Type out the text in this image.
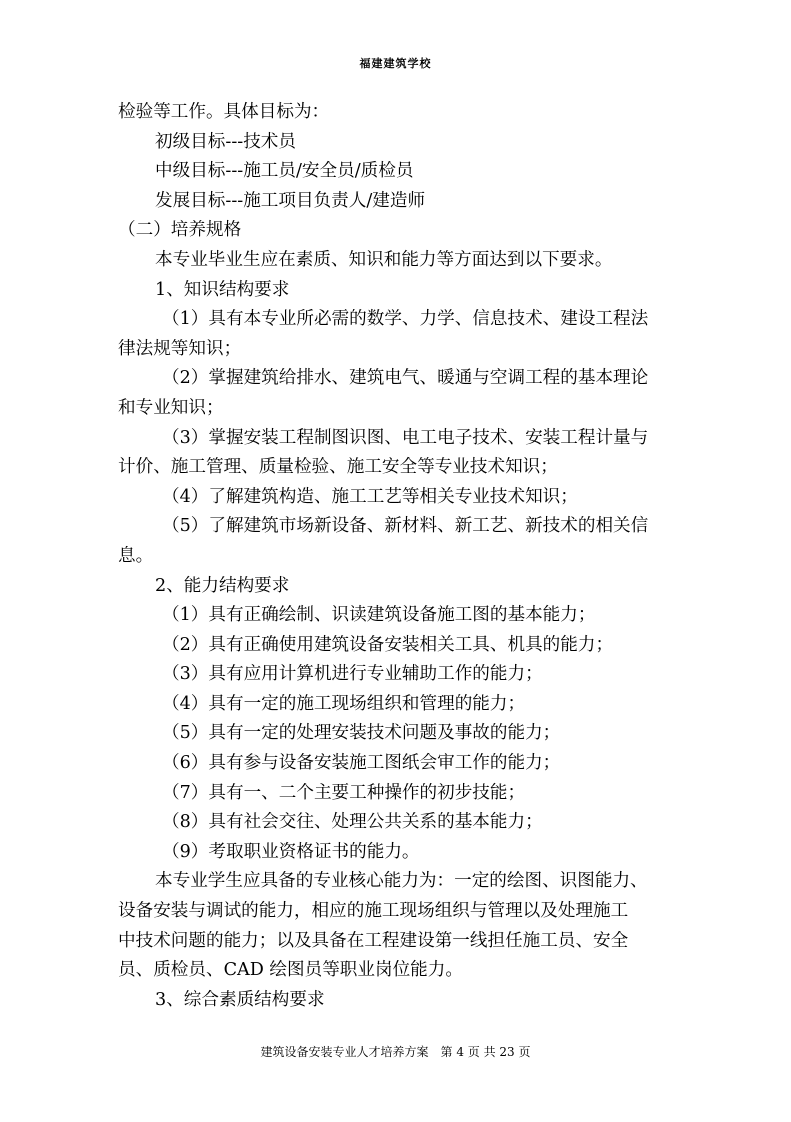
福建建筑学校
检验等工作。具体目标为：
初级目标---技术员
中级目标---施工员/安全员/质检员
发展目标---施工项目负责人/建造师
（二）培养规格
本专业毕业生应在素质、知识和能力等方面达到以下要求。
1、知识结构要求
（1）具有本专业所必需的数学、力学、信息技术、建设工程法
律法规等知识；
（2）掌握建筑给排水、建筑电气、暖通与空调工程的基本理论
和专业知识；
（3）掌握安装工程制图识图、电工电子技术、安装工程计量与
计价、施工管理、质量检验、施工安全等专业技术知识；
（4）了解建筑构造、施工工艺等相关专业技术知识；
（5）了解建筑市场新设备、新材料、新工艺、新技术的相关信
息。
2、能力结构要求
（1）具有正确绘制、识读建筑设备施工图的基本能力；
（2）具有正确使用建筑设备安装相关工具、机具的能力；
（3）具有应用计算机进行专业辅助工作的能力；
（4）具有一定的施工现场组织和管理的能力；
（5）具有一定的处理安装技术问题及事故的能力；
（6）具有参与设备安装施工图纸会审工作的能力；
（7）具有一、二个主要工种操作的初步技能；
（8）具有社会交往、处理公共关系的基本能力；
（9）考取职业资格证书的能力。
本专业学生应具备的专业核心能力为：一定的绘图、识图能力、
设备安装与调试的能力，相应的施工现场组织与管理以及处理施工
中技术问题的能力；以及具备在工程建设第一线担任施工员、安全
员、质检员、CAD 绘图员等职业岗位能力。
3、综合素质结构要求
建筑设备安装专业人才培养方案　第 4 页 共 23 页
